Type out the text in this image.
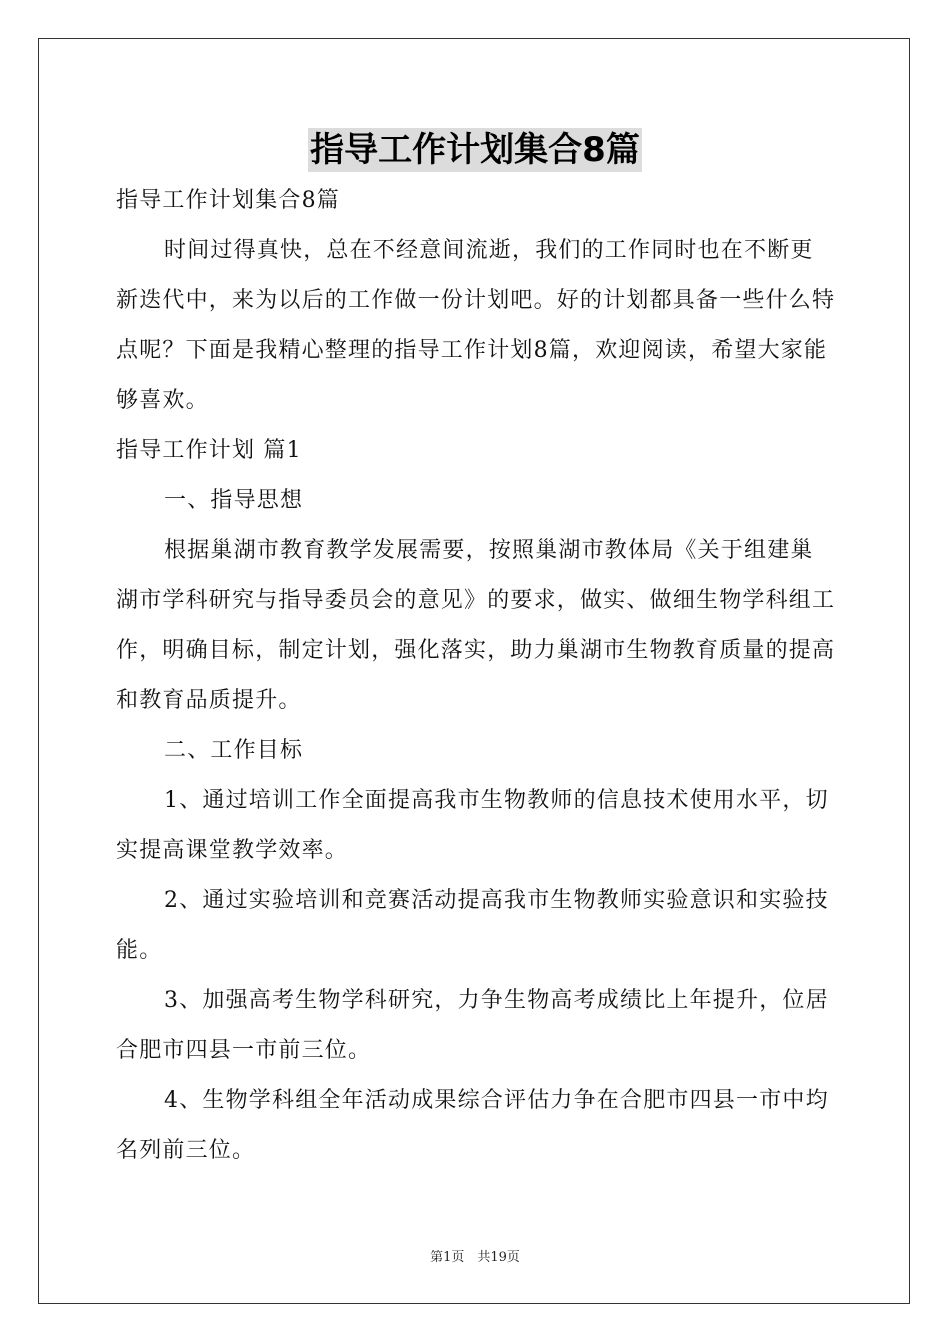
指导工作计划集合8篇

指导工作计划集合8篇

时间过得真快，总在不经意间流逝，我们的工作同时也在不断更新迭代中，来为以后的工作做一份计划吧。好的计划都具备一些什么特点呢？下面是我精心整理的指导工作计划8篇，欢迎阅读，希望大家能够喜欢。

指导工作计划 篇1

一、指导思想

根据巢湖市教育教学发展需要，按照巢湖市教体局《关于组建巢湖市学科研究与指导委员会的意见》的要求，做实、做细生物学科组工作，明确目标，制定计划，强化落实，助力巢湖市生物教育质量的提高和教育品质提升。

二、工作目标

1、通过培训工作全面提高我市生物教师的信息技术使用水平，切实提高课堂教学效率。

2、通过实验培训和竞赛活动提高我市生物教师实验意识和实验技能。

3、加强高考生物学科研究，力争生物高考成绩比上年提升，位居合肥市四县一市前三位。

4、生物学科组全年活动成果综合评估力争在合肥市四县一市中均名列前三位。

第1页　共19页
